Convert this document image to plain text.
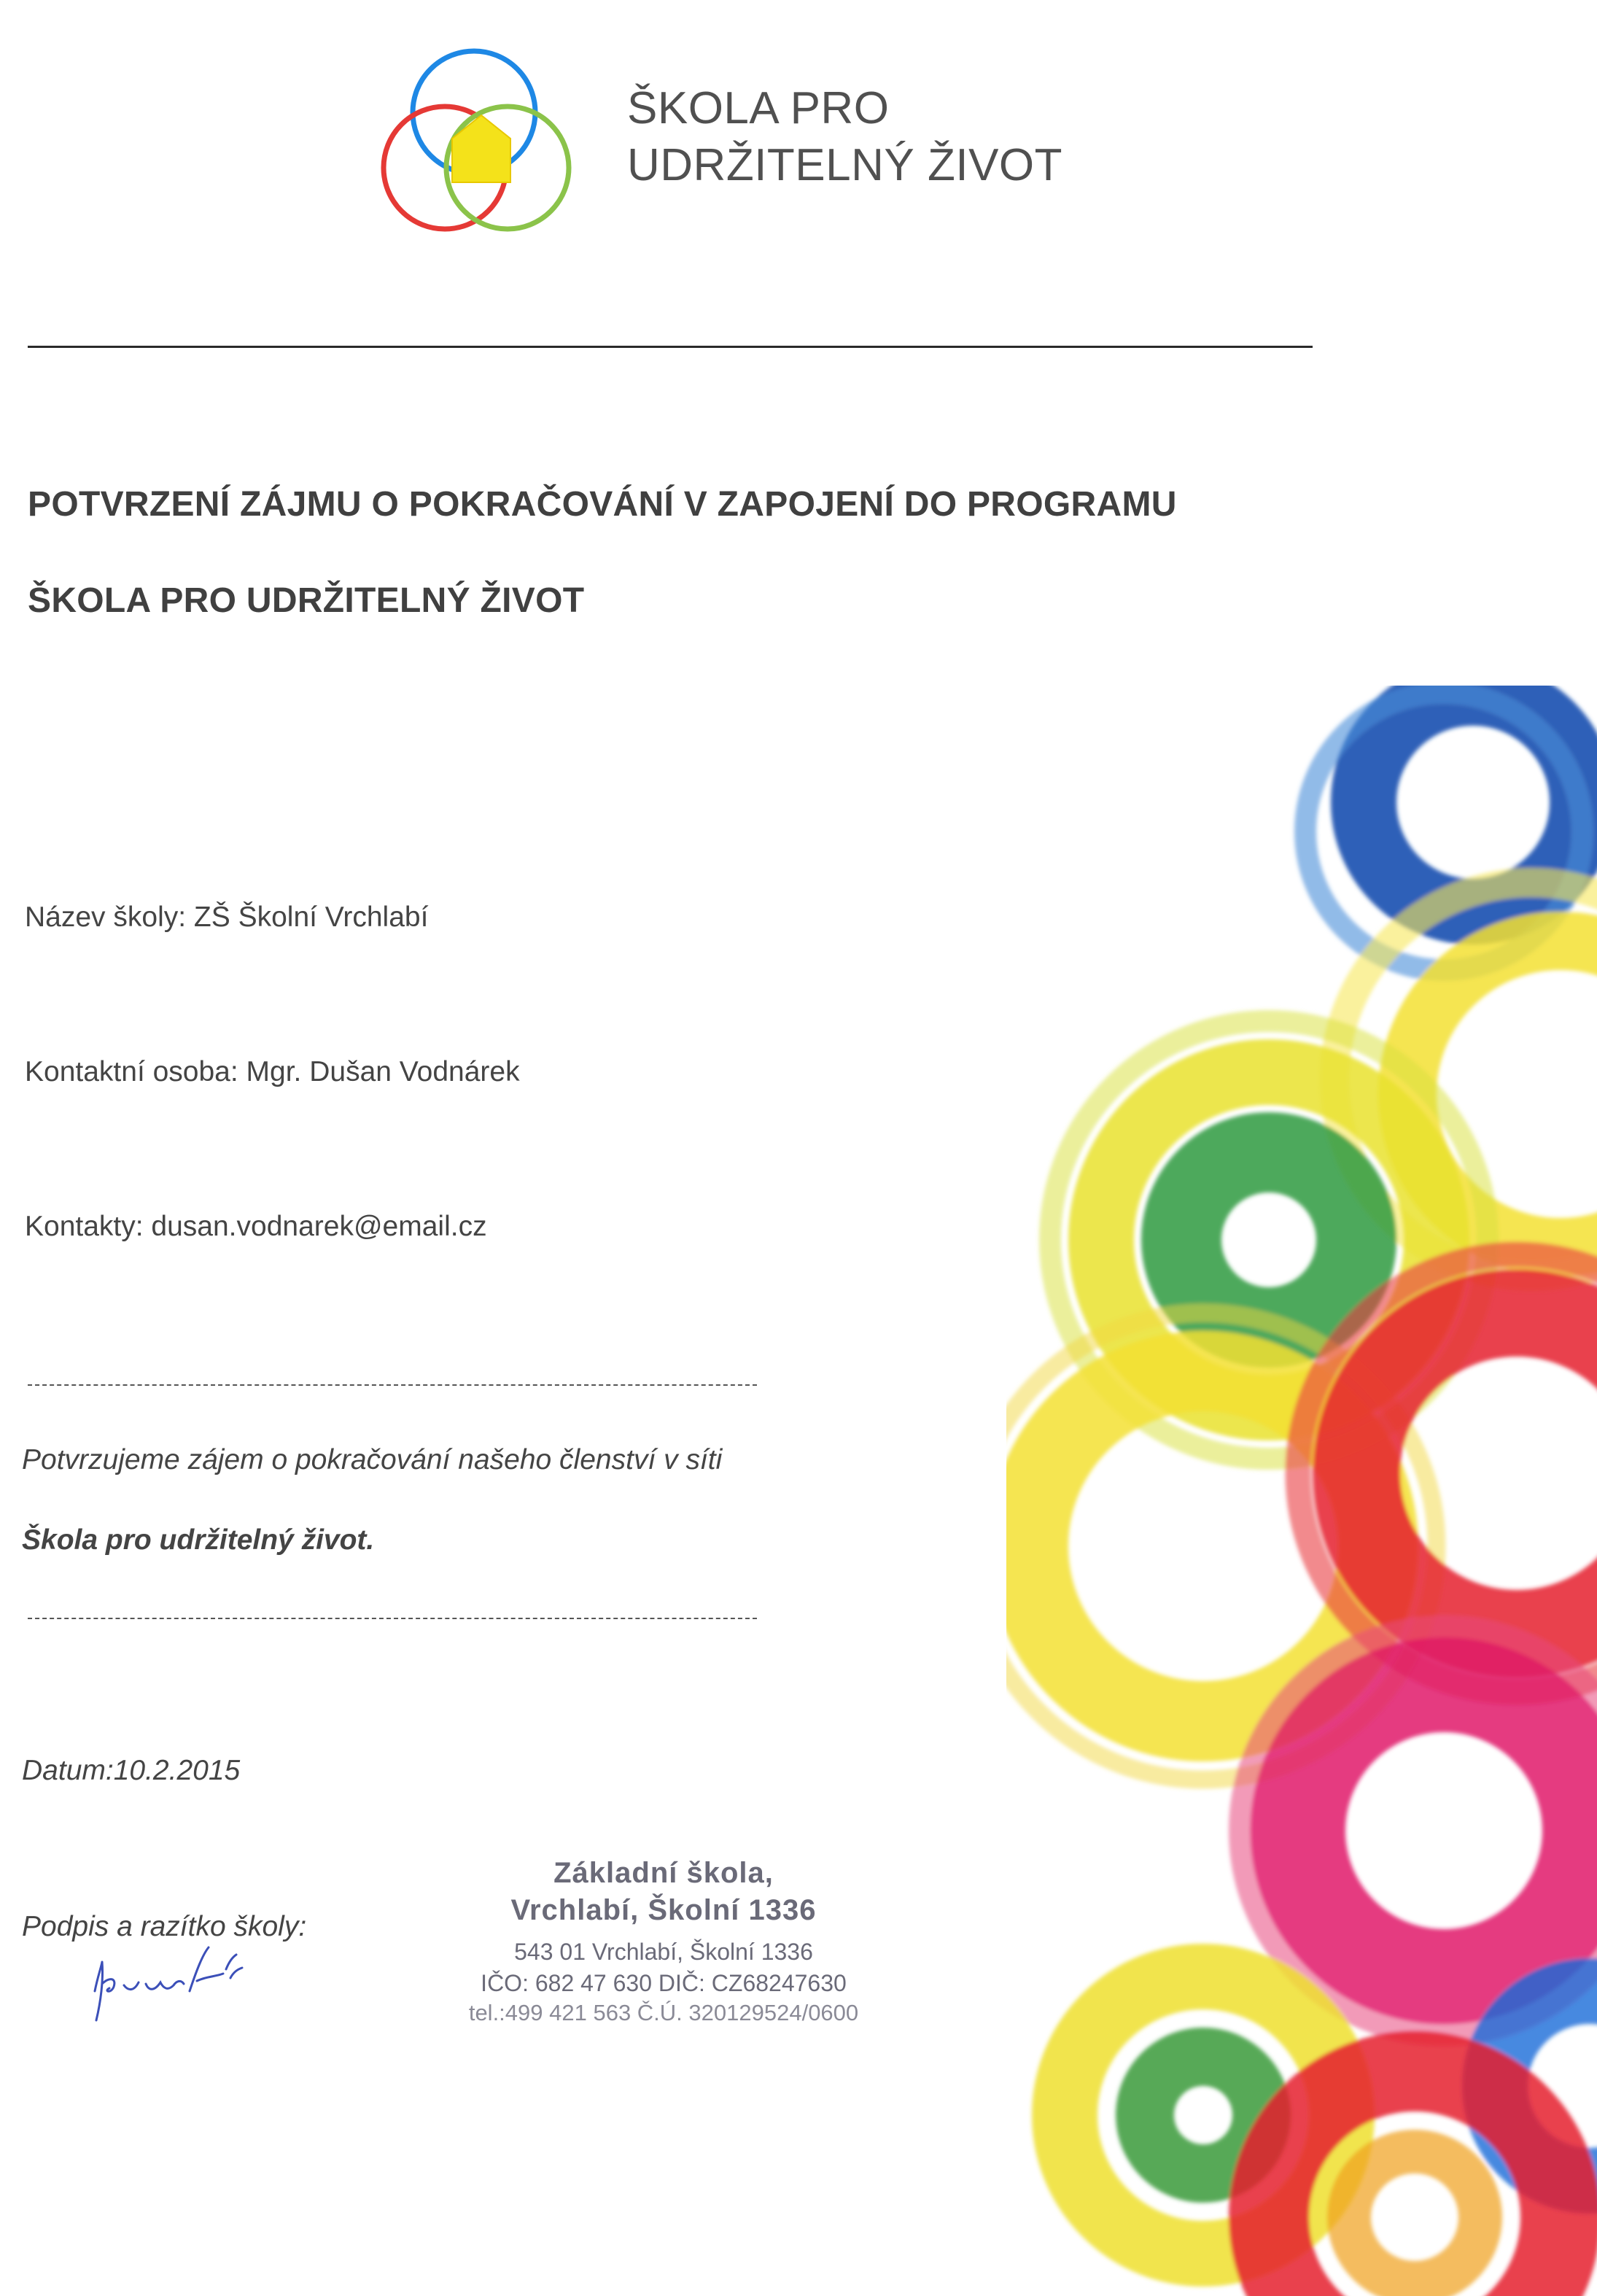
ŠKOLA PRO
UDRŽITELNÝ ŽIVOT
POTVRZENÍ ZÁJMU O POKRAČOVÁNÍ V ZAPOJENÍ DO PROGRAMU
ŠKOLA PRO UDRŽITELNÝ ŽIVOT
Název školy: ZŠ Školní Vrchlabí
Kontaktní osoba: Mgr. Dušan Vodnárek
Kontakty: dusan.vodnarek@email.cz
Potvrzujeme zájem o pokračování našeho členství v síti
Škola pro udržitelný život.
Datum:10.2.2015
Podpis a razítko školy:
Základní škola,
Vrchlabí, Školní 1336
543 01 Vrchlabí, Školní 1336
IČO: 682 47 630 DIČ: CZ68247630
tel.:499 421 563 Č.Ú. 320129524/0600
